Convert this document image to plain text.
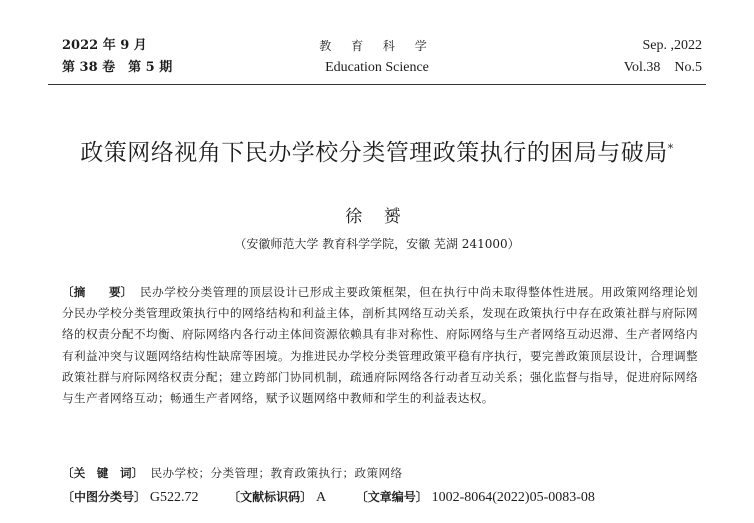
2022 年 9 月
第 38 卷　第 5 期
教 育 科 学
Education Science
Sep. ,2022
Vol.38　No.5
政策网络视角下民办学校分类管理政策执行的困局与破局*
徐 赟
（安徽师范大学 教育科学学院，安徽 芜湖 241000）
〔摘　　要〕 民办学校分类管理的顶层设计已形成主要政策框架，但在执行中尚未取得整体性进展。用政策网络理论划分民办学校分类管理政策执行中的网络结构和利益主体，剖析其网络互动关系，发现在政策执行中存在政策社群与府际网络的权责分配不均衡、府际网络内各行动主体间资源依赖具有非对称性、府际网络与生产者网络互动迟滞、生产者网络内有利益冲突与议题网络结构性缺席等困境。为推进民办学校分类管理政策平稳有序执行，要完善政策顶层设计，合理调整政策社群与府际网络权责分配；建立跨部门协同机制，疏通府际网络各行动者互动关系；强化监督与指导，促进府际网络与生产者网络互动；畅通生产者网络，赋予议题网络中教师和学生的利益表达权。
〔关　键　词〕 民办学校；分类管理；教育政策执行；政策网络
〔中图分类号〕 G522.72 〔文献标识码〕 A 〔文章编号〕 1002-8064(2022)05-0083-08
